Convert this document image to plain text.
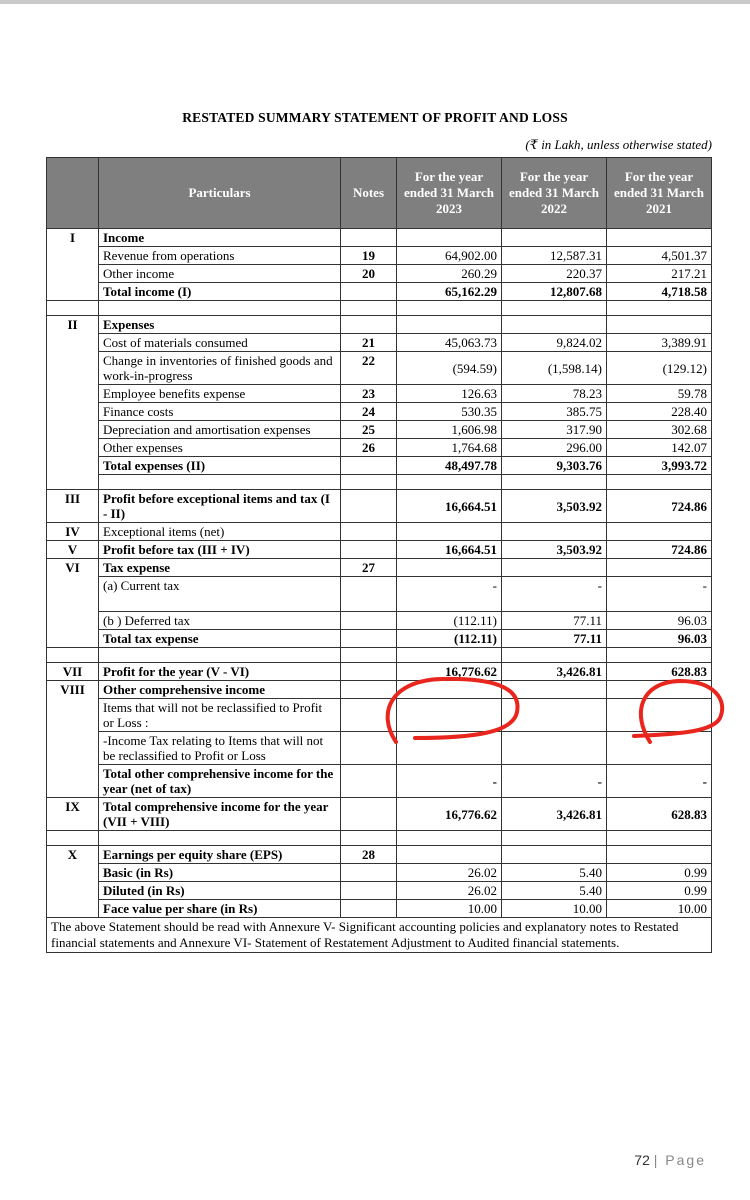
RESTATED SUMMARY STATEMENT OF PROFIT AND LOSS
(₹ in Lakh, unless otherwise stated)
	Particulars	Notes	For the year ended 31 March 2023	For the year ended 31 March 2022	For the year ended 31 March 2021
I	Income				
	Revenue from operations	19	64,902.00	12,587.31	4,501.37
	Other income	20	260.29	220.37	217.21
	Total income (I)		65,162.29	12,807.68	4,718.58

II	Expenses				
	Cost of materials consumed	21	45,063.73	9,824.02	3,389.91
	Change in inventories of finished goods and work-in-progress	22	(594.59)	(1,598.14)	(129.12)
	Employee benefits expense	23	126.63	78.23	59.78
	Finance costs	24	530.35	385.75	228.40
	Depreciation and amortisation expenses	25	1,606.98	317.90	302.68
	Other expenses	26	1,764.68	296.00	142.07
	Total expenses (II)		48,497.78	9,303.76	3,993.72

III	Profit before exceptional items and tax (I - II)		16,664.51	3,503.92	724.86
IV	Exceptional items (net)				
V	Profit before tax (III + IV)		16,664.51	3,503.92	724.86
VI	Tax expense	27			
	(a) Current tax		-	-	-
	(b ) Deferred tax		(112.11)	77.11	96.03
	Total tax expense		(112.11)	77.11	96.03

VII	Profit for the year (V - VI)		16,776.62	3,426.81	628.83
VIII	Other comprehensive income				
	Items that will not be reclassified to Profit or Loss :				
	-Income Tax relating to Items that will not be reclassified to Profit or Loss				
	Total other comprehensive income for the year (net of tax)		-	-	-
IX	Total comprehensive income for the year (VII + VIII)		16,776.62	3,426.81	628.83

X	Earnings per equity share (EPS)	28			
	Basic (in Rs)		26.02	5.40	0.99
	Diluted (in Rs)		26.02	5.40	0.99
	Face value per share (in Rs)		10.00	10.00	10.00
The above Statement should be read with Annexure V- Significant accounting policies and explanatory notes to Restated financial statements and Annexure VI- Statement of Restatement Adjustment to Audited financial statements.					
72 | Page
